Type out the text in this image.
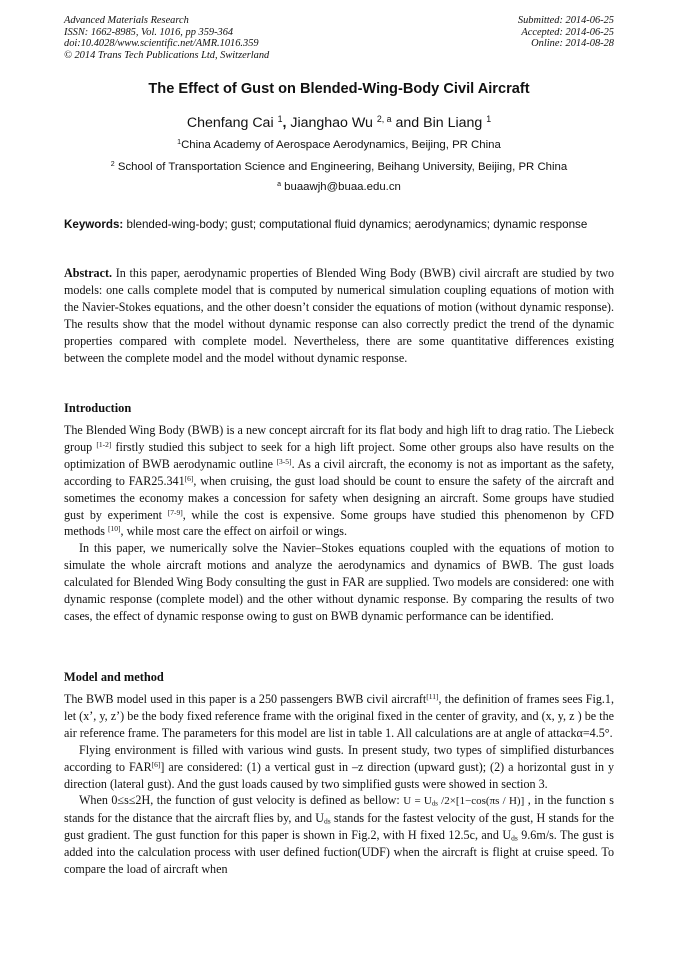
Advanced Materials Research
ISSN: 1662-8985, Vol. 1016, pp 359-364
doi:10.4028/www.scientific.net/AMR.1016.359
© 2014 Trans Tech Publications Ltd, Switzerland
Submitted: 2014-06-25
Accepted: 2014-06-25
Online: 2014-08-28
The Effect of Gust on Blended-Wing-Body Civil Aircraft
Chenfang Cai $^1$, Jianghao Wu $^{2, a}$ and Bin Liang $^1$
$^1$China Academy of Aerospace Aerodynamics, Beijing, PR China
$^2$ School of Transportation Science and Engineering, Beihang University, Beijing, PR China
$^a$ buaawjh@buaa.edu.cn
Keywords: blended-wing-body; gust; computational fluid dynamics; aerodynamics; dynamic response

Abstract. In this paper, aerodynamic properties of Blended Wing Body (BWB) civil aircraft are studied by two models: one calls complete model that is computed by numerical simulation coupling equations of motion with the Navier-Stokes equations, and the other doesn’t consider the equations of motion (without dynamic response). The results show that the model without dynamic response can also correctly predict the trend of the dynamic properties compared with complete model. Nevertheless, there are some quantitative differences existing between the complete model and the model without dynamic response.

Introduction

The Blended Wing Body (BWB) is a new concept aircraft for its flat body and high lift to drag ratio. The Liebeck group [1-2] firstly studied this subject to seek for a high lift project. Some other groups also have results on the optimization of BWB aerodynamic outline [3-5]. As a civil aircraft, the economy is not as important as the safety, according to FAR25.341[6], when cruising, the gust load should be count to ensure the safety of the aircraft and sometimes the economy makes a concession for safety when designing an aircraft. Some groups have studied gust by experiment [7-9], while the cost is expensive. Some groups have studied this phenomenon by CFD methods [10], while most care the effect on airfoil or wings.

In this paper, we numerically solve the Navier–Stokes equations coupled with the equations of motion to simulate the whole aircraft motions and analyze the aerodynamics and dynamics of BWB. The gust loads calculated for Blended Wing Body consulting the gust in FAR are supplied. Two models are considered: one with dynamic response (complete model) and the other without dynamic response. By comparing the results of two cases, the effect of dynamic response owing to gust on BWB dynamic performance can be identified.

Model and method

The BWB model used in this paper is a 250 passengers BWB civil aircraft[11], the definition of frames sees Fig.1, let (x’, y, z’) be the body fixed reference frame with the original fixed in the center of gravity, and (x, y, z ) be the air reference frame. The parameters for this model are list in table 1. All calculations are at angle of attackα=4.5°.

Flying environment is filled with various wind gusts. In present study, two types of simplified disturbances according to FAR[6]] are considered: (1) a vertical gust in –z direction (upward gust); (2) a horizontal gust in y direction (lateral gust). And the gust loads caused by two simplified gusts were showed in section 3.

When 0≤s≤2H, the function of gust velocity is defined as bellow: $U = U_{ds}$ /2×[1−cos(πs / H)] , in the function s stands for the distance that the aircraft flies by, and $U_{ds}$ stands for the fastest velocity of the gust, H stands for the gust gradient. The gust function for this paper is shown in Fig.2, with H fixed 12.5c, and $U_{ds}$ 9.6m/s. The gust is added into the calculation process with user defined fuction(UDF) when the aircraft is flight at cruise speed. To compare the load of aircraft when
